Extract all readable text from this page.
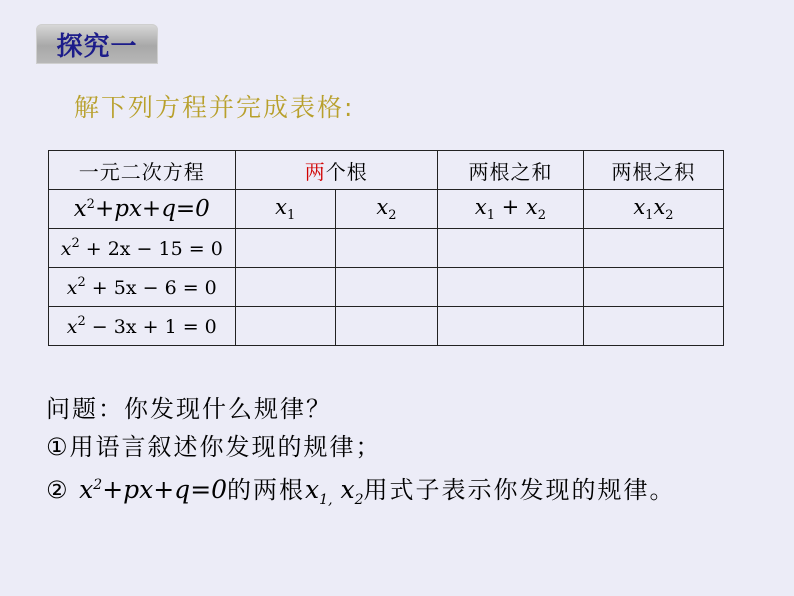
探究一
解下列方程并完成表格:
一元二次方程	两个根		两根之和	两根之积
$x^2+px+q=0$	$x_1$	$x_2$	$x_1 + x_2$	$x_1x_2$
$x^2 + 2x - 15 = 0$				
$x^2 + 5x - 6 = 0$				
$x^2 - 3x + 1 = 0$				
问题：你发现什么规律？
①用语言叙述你发现的规律；
② $x^2+px+q=0$的两根$x_{1,}$ $x_2$用式子表示你发现的规律。
